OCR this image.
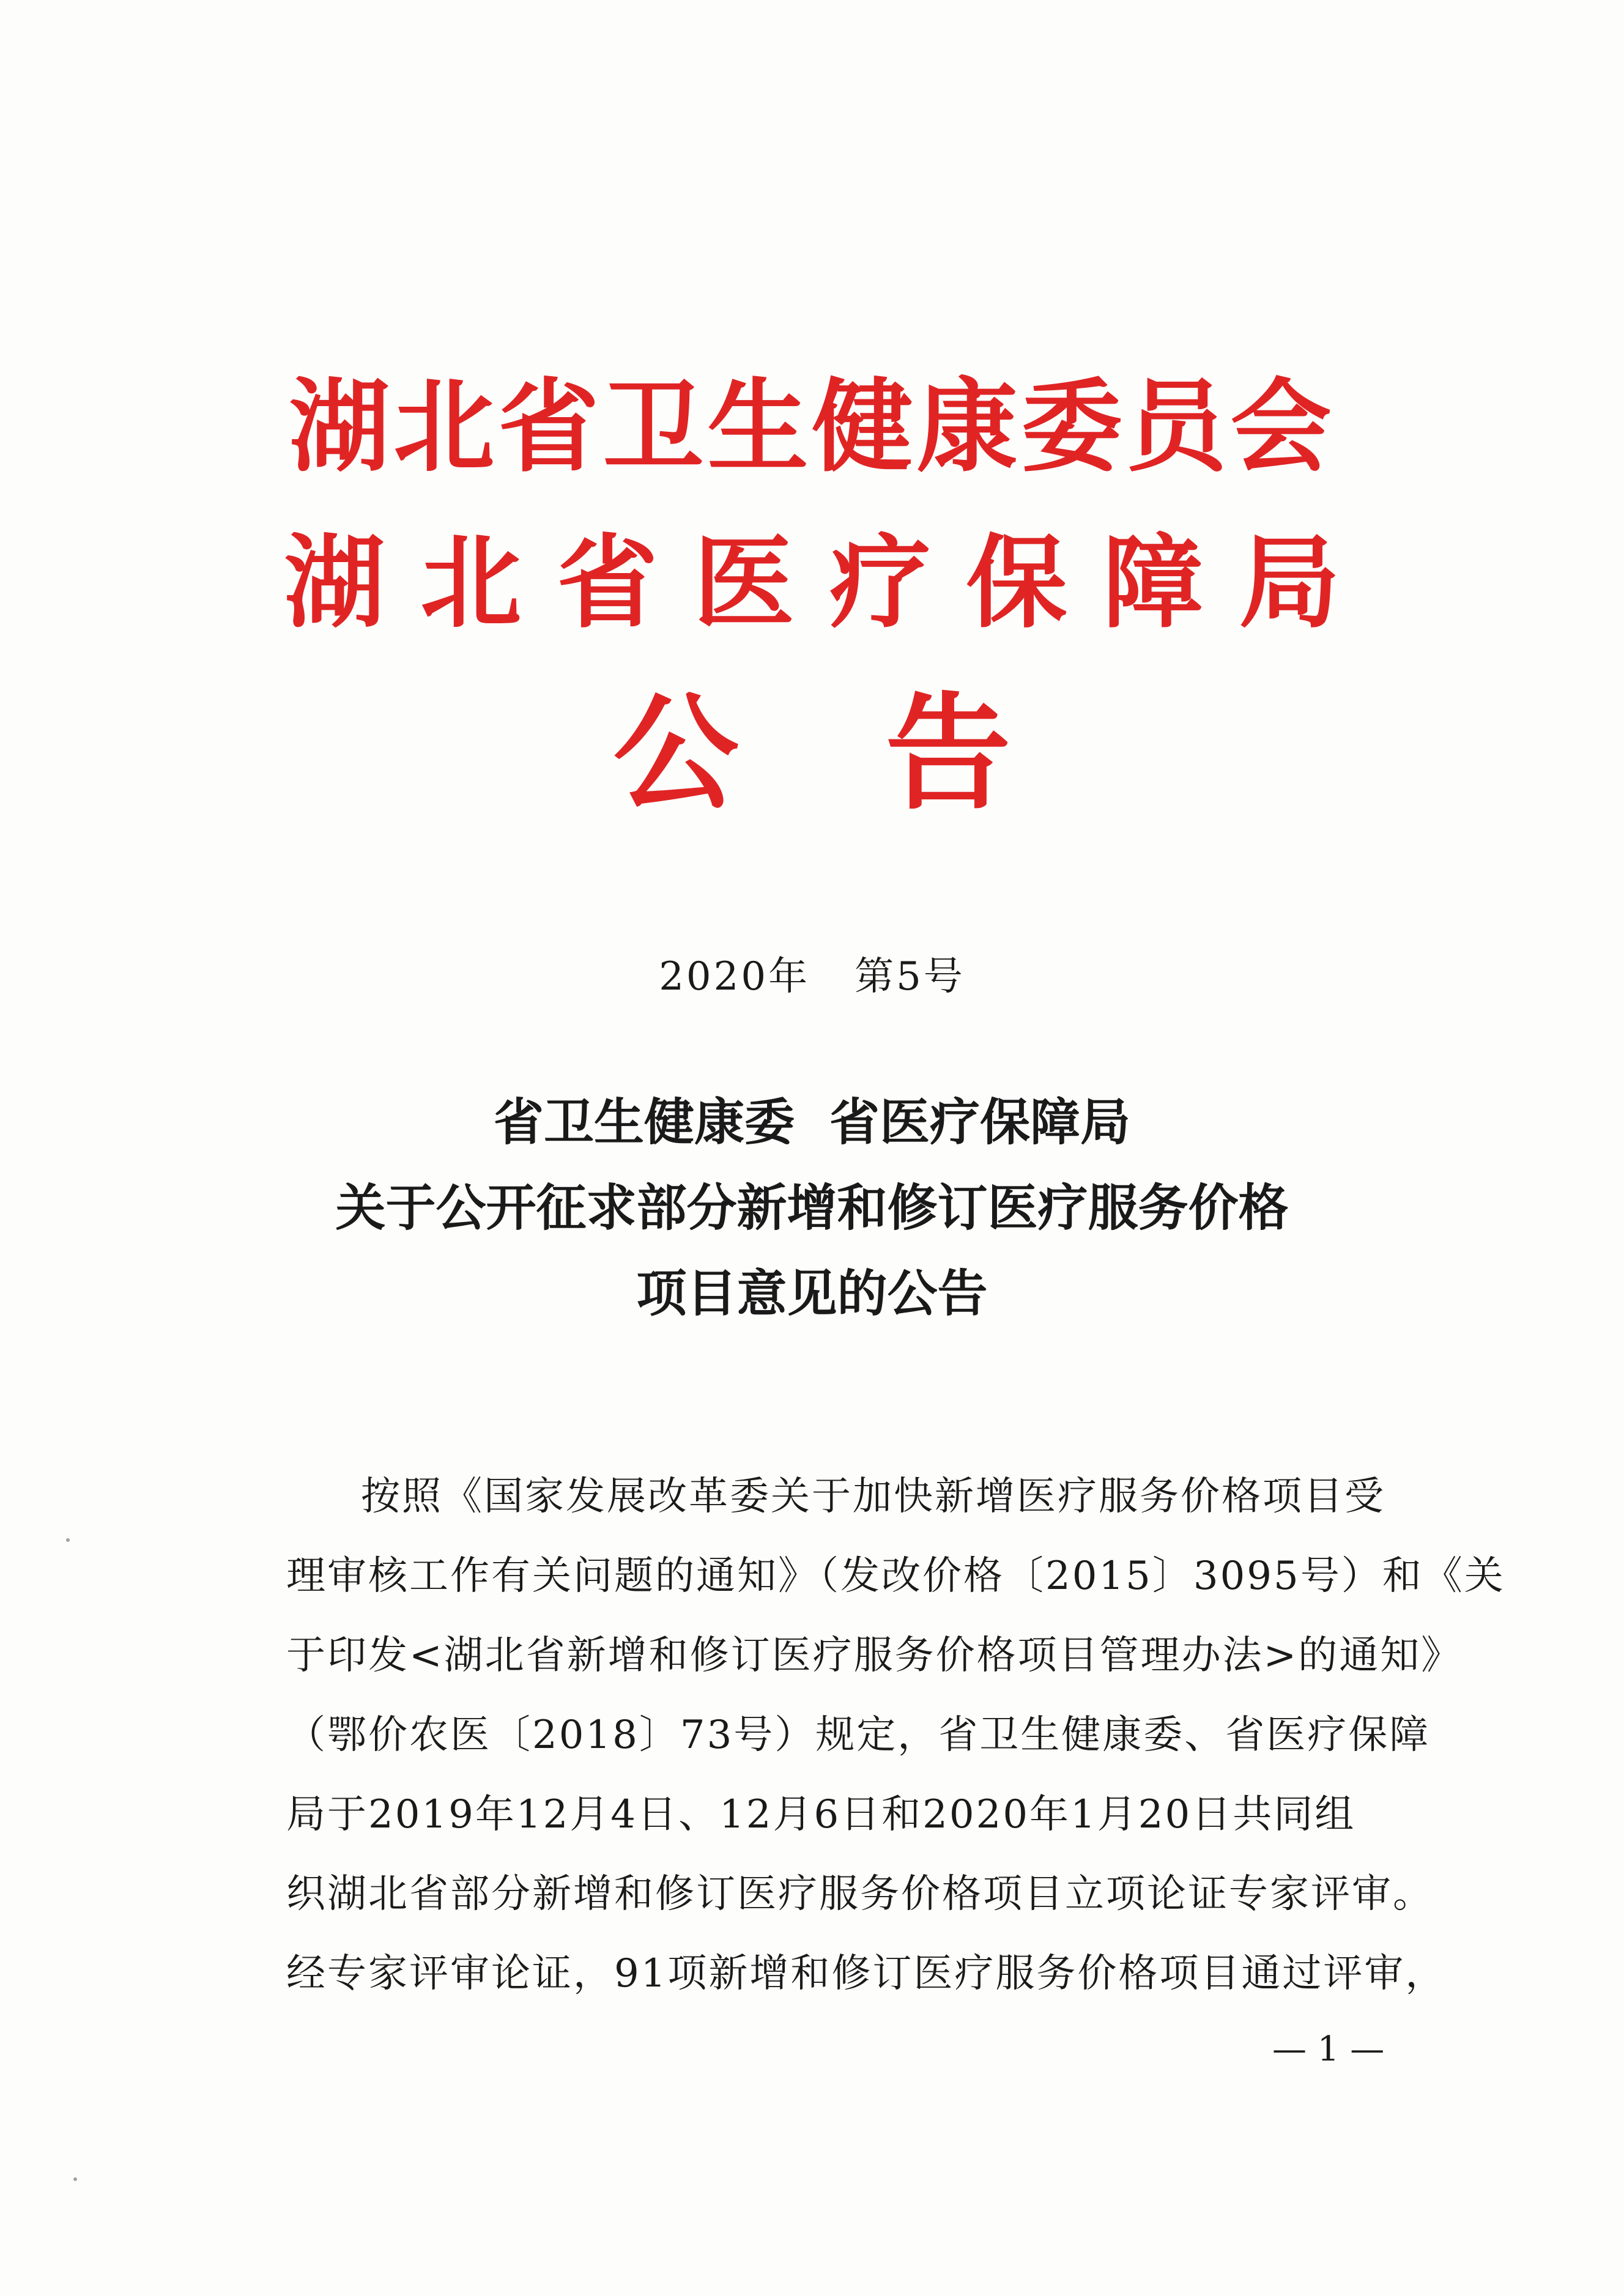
湖北省卫生健康委员会
湖北省医疗保障局
公告
2020年   第5号
省卫生健康委  省医疗保障局
关于公开征求部分新增和修订医疗服务价格
项目意见的公告
按照《国家发展改革委关于加快新增医疗服务价格项目受
理审核工作有关问题的通知》（发改价格〔2015〕3095号）和《关
于印发<湖北省新增和修订医疗服务价格项目管理办法>的通知》
（鄂价农医〔2018〕73号）规定，省卫生健康委、省医疗保障
局于2019年12月4日、12月6日和2020年1月20日共同组
织湖北省部分新增和修订医疗服务价格项目立项论证专家评审。
经专家评审论证，91项新增和修订医疗服务价格项目通过评审，
— 1 —
